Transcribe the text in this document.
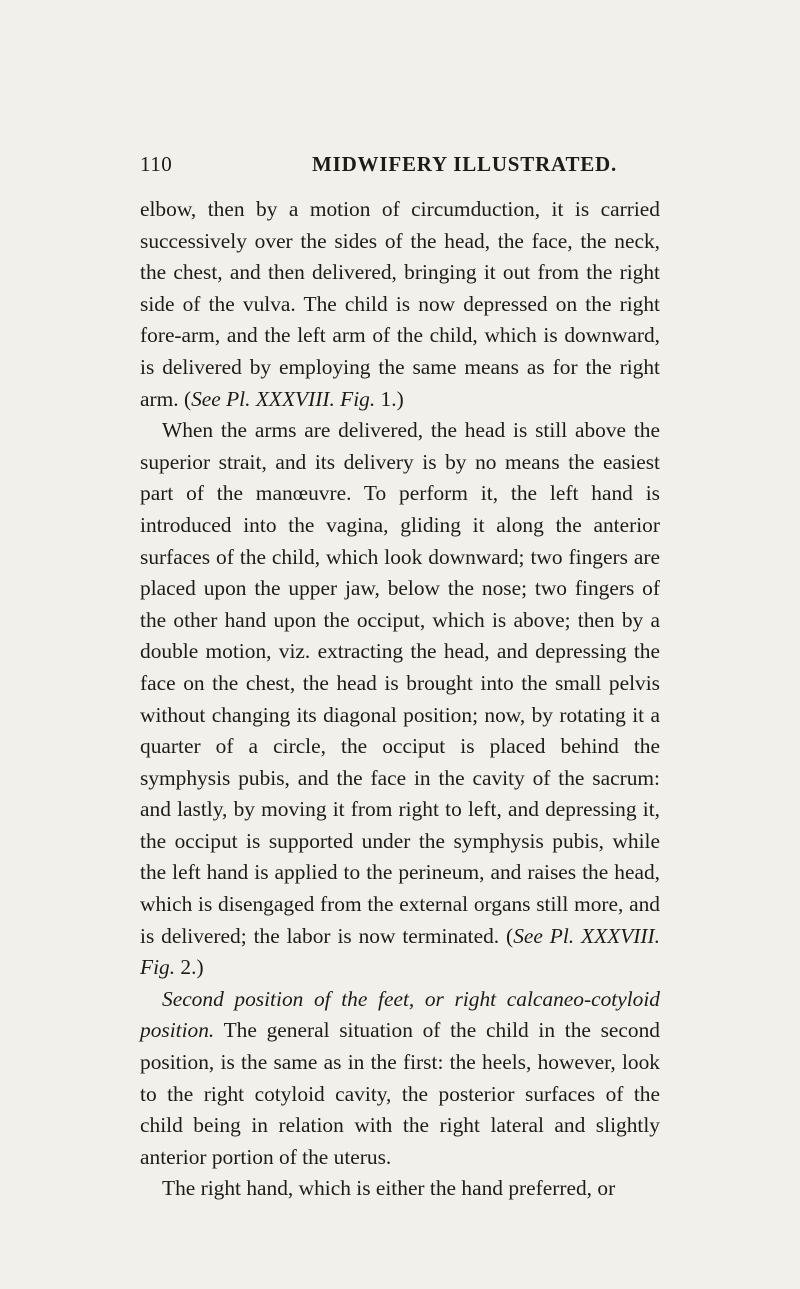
110	MIDWIFERY ILLUSTRATED.

elbow, then by a motion of circumduction, it is carried successively over the sides of the head, the face, the neck, the chest, and then delivered, bringing it out from the right side of the vulva. The child is now depressed on the right fore-arm, and the left arm of the child, which is downward, is delivered by employing the same means as for the right arm. (See Pl. XXXVIII. Fig. 1.)

When the arms are delivered, the head is still above the superior strait, and its delivery is by no means the easiest part of the manœuvre. To perform it, the left hand is introduced into the vagina, gliding it along the anterior surfaces of the child, which look downward; two fingers are placed upon the upper jaw, below the nose; two fingers of the other hand upon the occiput, which is above; then by a double motion, viz. extracting the head, and depressing the face on the chest, the head is brought into the small pelvis without changing its diagonal position; now, by rotating it a quarter of a circle, the occiput is placed behind the symphysis pubis, and the face in the cavity of the sacrum: and lastly, by moving it from right to left, and depressing it, the occiput is supported under the symphysis pubis, while the left hand is applied to the perineum, and raises the head, which is disengaged from the external organs still more, and is delivered; the labor is now terminated. (See Pl. XXXVIII. Fig. 2.)

Second position of the feet, or right calcaneo-cotyloid position. The general situation of the child in the second position, is the same as in the first: the heels, however, look to the right cotyloid cavity, the posterior surfaces of the child being in relation with the right lateral and slightly anterior portion of the uterus.

The right hand, which is either the hand preferred, or
